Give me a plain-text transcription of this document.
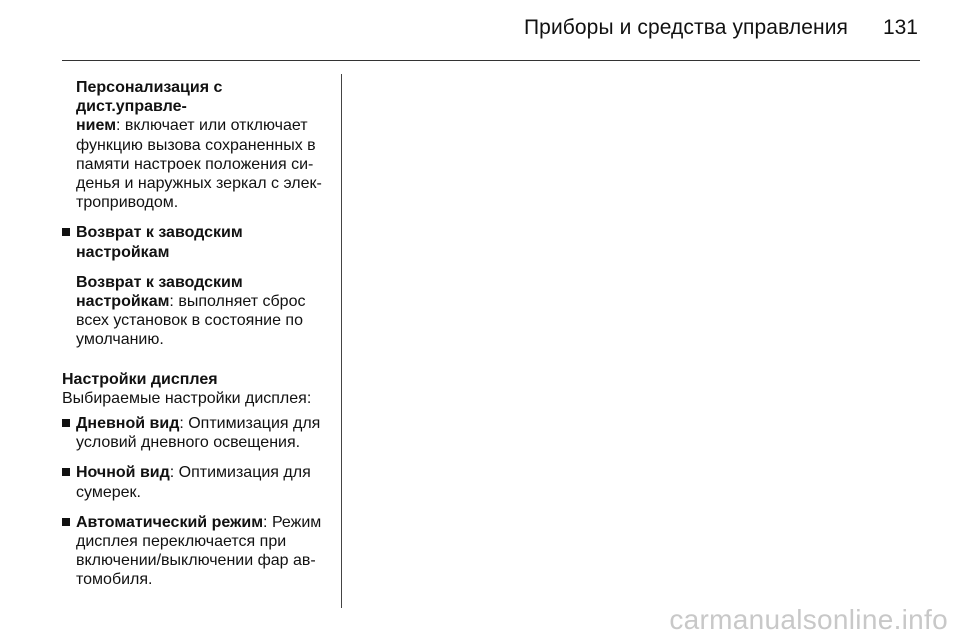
Приборы и средства управления 131

Персонализация с дист.управле-

нием: включает или отключает

функцию вызова сохраненных в

памяти настроек положения си-

денья и наружных зеркал с элек-

троприводом.

Возврат к заводским настройкам

Возврат к заводским

настройкам: выполняет сброс

всех установок в состояние по

умолчанию.

Настройки дисплея

Выбираемые настройки дисплея:

Дневной вид: Оптимизация для

условий дневного освещения.

Ночной вид: Оптимизация для

сумерек.

Автоматический режим: Режим

дисплея переключается при

включении/выключении фар ав-

томобиля.

carmanualsonline.info
